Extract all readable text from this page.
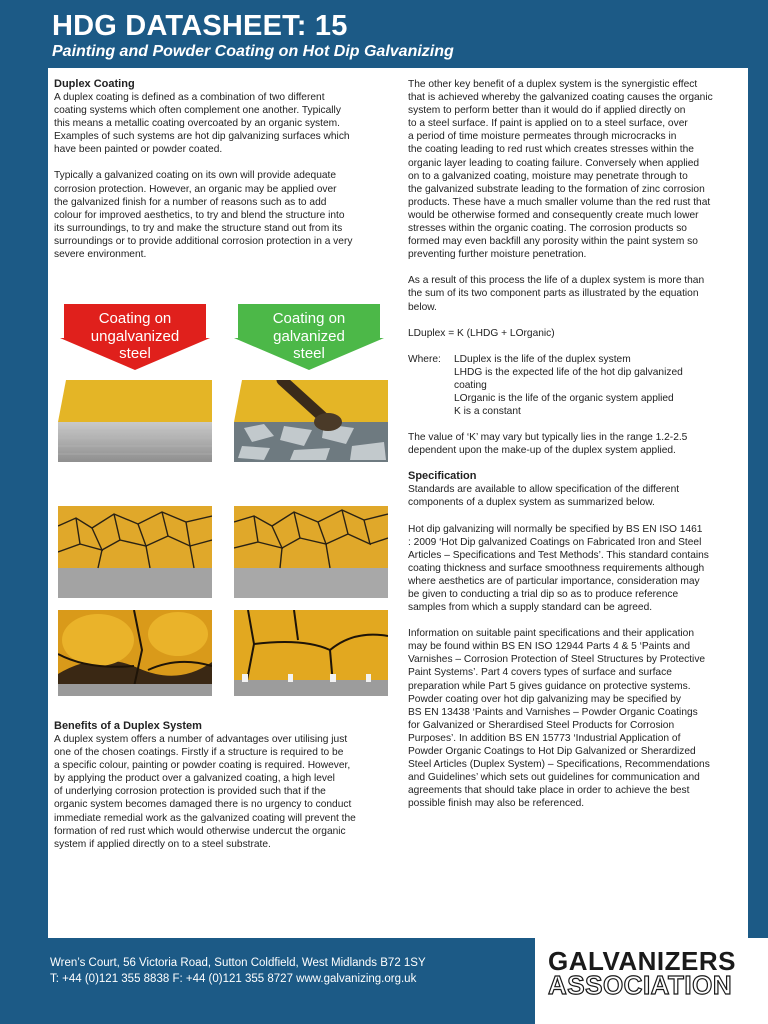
HDG DATASHEET: 15
Painting and Powder Coating on Hot Dip Galvanizing
Duplex Coating

A duplex coating is defined as a combination of two different
coating systems which often complement one another. Typically
this means a metallic coating overcoated by an organic system.
Examples of such systems are hot dip galvanizing surfaces which
have been painted or powder coated.

Typically a galvanized coating on its own will provide adequate
corrosion protection. However, an organic may be applied over
the galvanized finish for a number of reasons such as to add
colour for improved aesthetics, to try and blend the structure into
its surroundings, to try and make the structure stand out from its
surroundings or to provide additional corrosion protection in a very
severe environment.

Coating on
ungalvanized
steel
Coating on
galvanized
steel
Benefits of a Duplex System

A duplex system offers a number of advantages over utilising just
one of the chosen coatings. Firstly if a structure is required to be
a specific colour, painting or powder coating is required. However,
by applying the product over a galvanized coating, a high level
of underlying corrosion protection is provided such that if the
organic system becomes damaged there is no urgency to conduct
immediate remedial work as the galvanized coating will prevent the
formation of red rust which would otherwise undercut the organic
system if applied directly on to a steel substrate.

The other key benefit of a duplex system is the synergistic effect
that is achieved whereby the galvanized coating causes the organic
system to perform better than it would do if applied directly on
to a steel surface. If paint is applied on to a steel surface, over
a period of time moisture permeates through microcracks in
the coating leading to red rust which creates stresses within the
organic layer leading to coating failure. Conversely when applied
on to a galvanized coating, moisture may penetrate through to
the galvanized substrate leading to the formation of zinc corrosion
products. These have a much smaller volume than the red rust that
would be otherwise formed and consequently create much lower
stresses within the organic coating. The corrosion products so
formed may even backfill any porosity within the paint system so
preventing further moisture penetration.

As a result of this process the life of a duplex system is more than
the sum of its two component parts as illustrated by the equation
below.

LDuplex = K (LHDG + LOrganic)

Where:	LDuplex is the life of the duplex system
LHDG is the expected life of the hot dip galvanized
coating
LOrganic is the life of the organic system applied
K is a constant

The value of ‘K’ may vary but typically lies in the range 1.2-2.5
dependent upon the make-up of the duplex system applied.

Specification

Standards are available to allow specification of the different
components of a duplex system as summarized below.

Hot dip galvanizing will normally be specified by BS EN ISO 1461
: 2009 ‘Hot Dip galvanized Coatings on Fabricated Iron and Steel
Articles – Specifications and Test Methods’. This standard contains
coating thickness and surface smoothness requirements although
where aesthetics are of particular importance, consideration may
be given to conducting a trial dip so as to produce reference
samples from which a supply standard can be agreed.

Information on suitable paint specifications and their application
may be found within BS EN ISO 12944 Parts 4 & 5 ‘Paints and
Varnishes – Corrosion Protection of Steel Structures by Protective
Paint Systems’. Part 4 covers types of surface and surface
preparation while Part 5 gives guidance on protective systems.
Powder coating over hot dip galvanizing may be specified by
BS EN 13438 ‘Paints and Varnishes – Powder Organic Coatings
for Galvanized or Sherardised Steel Products for Corrosion
Purposes’. In addition BS EN 15773 ‘Industrial Application of
Powder Organic Coatings to Hot Dip Galvanized or Sherardized
Steel Articles (Duplex System) – Specifications, Recommendations
and Guidelines’ which sets out guidelines for communication and
agreements that should take place in order to achieve the best
possible finish may also be referenced.

Wren’s Court, 56 Victoria Road, Sutton Coldfield, West Midlands B72 1SY
T: +44 (0)121 355 8838 F: +44 (0)121 355 8727 www.galvanizing.org.uk
GALVANIZERS
ASSOCIATION
